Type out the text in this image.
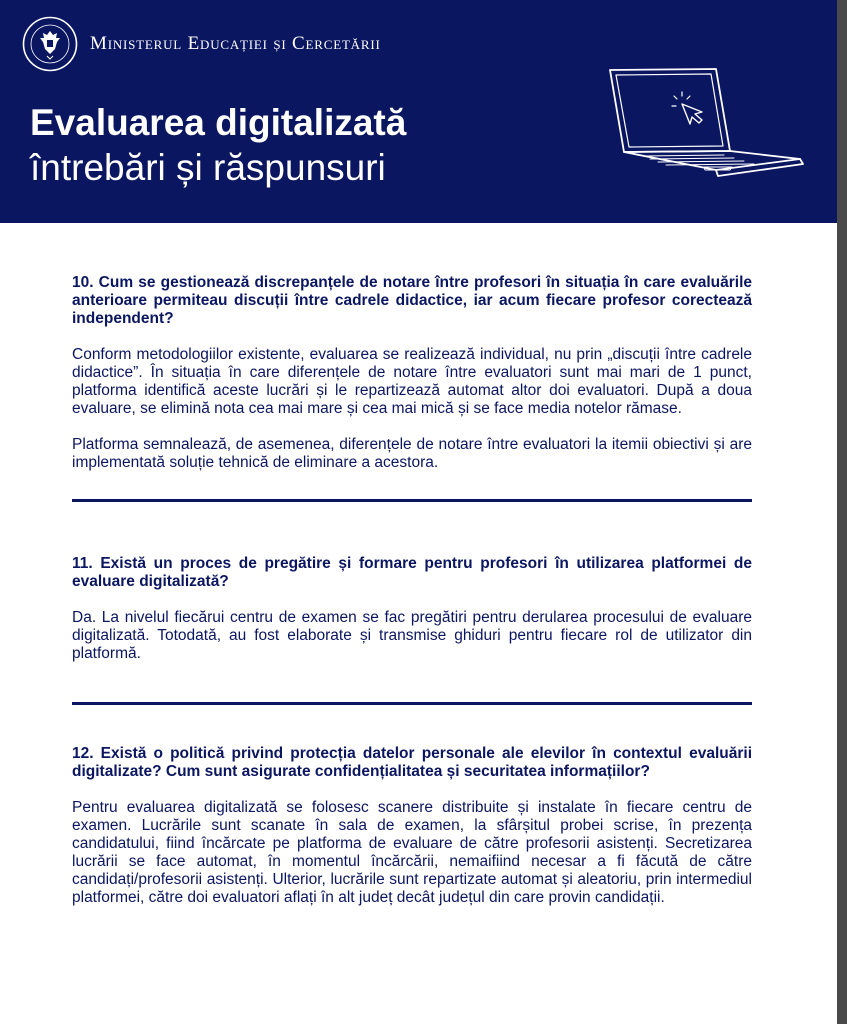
Ministerul Educației și Cercetării
Evaluarea digitalizată
întrebări și răspunsuri

10. Cum se gestionează discrepanțele de notare între profesori în situația în care evaluările anterioare permiteau discuții între cadrele didactice, iar acum fiecare profesor corectează independent?

Conform metodologiilor existente, evaluarea se realizează individual, nu prin „discuții între cadrele didactice”. În situația în care diferențele de notare între evaluatori sunt mai mari de 1 punct, platforma identifică aceste lucrări și le repartizează automat altor doi evaluatori. După a doua evaluare, se elimină nota cea mai mare și cea mai mică și se face media notelor rămase.

Platforma semnalează, de asemenea, diferențele de notare între evaluatori la itemii obiectivi și are implementată soluție tehnică de eliminare a acestora.

11. Există un proces de pregătire și formare pentru profesori în utilizarea platformei de evaluare digitalizată?

Da. La nivelul fiecărui centru de examen se fac pregătiri pentru derularea procesului de evaluare digitalizată. Totodată, au fost elaborate și transmise ghiduri pentru fiecare rol de utilizator din platformă.

12. Există o politică privind protecția datelor personale ale elevilor în contextul evaluării digitalizate? Cum sunt asigurate confidențialitatea și securitatea informațiilor?

Pentru evaluarea digitalizată se folosesc scanere distribuite și instalate în fiecare centru de examen. Lucrările sunt scanate în sala de examen, la sfârșitul probei scrise, în prezența candidatului, fiind încărcate pe platforma de evaluare de către profesorii asistenți. Secretizarea lucrării se face automat, în momentul încărcării, nemaifiind necesar a fi făcută de către candidați/profesorii asistenți. Ulterior, lucrările sunt repartizate automat și aleatoriu, prin intermediul platformei, către doi evaluatori aflați în alt județ decât județul din care provin candidații.
